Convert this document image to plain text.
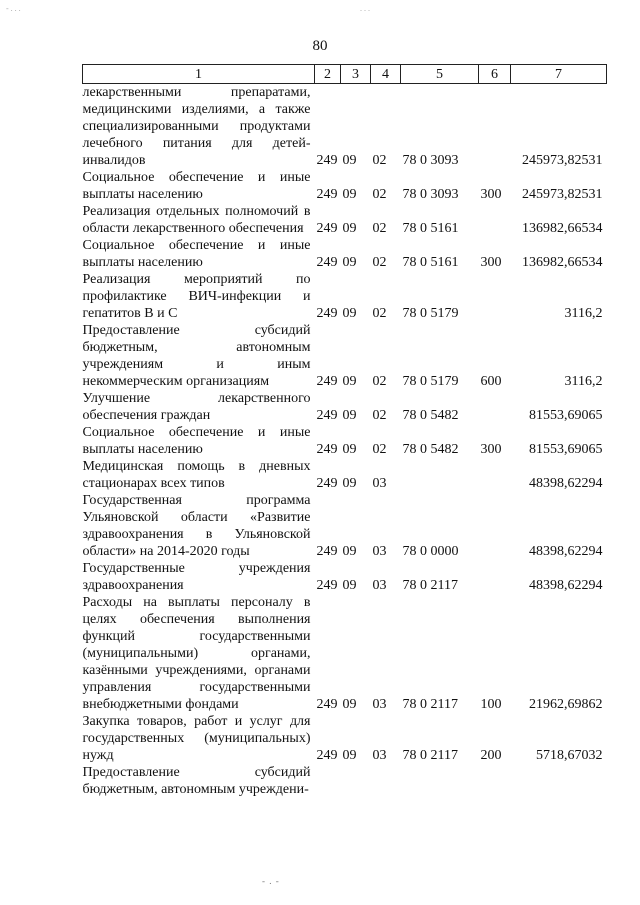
80
- . . .	. . .
1	2	3	4	5	6	7
лекарственными препаратами, медицинскими изделиями, а также специализированными продуктами лечебного питания для детей-инвалидов	249	09	02	78 0 3093		245973,82531
Социальное обеспечение и иные выплаты населению	249	09	02	78 0 3093	300	245973,82531
Реализация отдельных полномочий в области лекарственного обеспечения	249	09	02	78 0 5161		136982,66534
Социальное обеспечение и иные выплаты населению	249	09	02	78 0 5161	300	136982,66534
Реализация мероприятий по профилактике ВИЧ-инфекции и гепатитов В и С	249	09	02	78 0 5179		3116,2
Предоставление субсидий бюджетным, автономным учреждениям и иным некоммерческим организациям	249	09	02	78 0 5179	600	3116,2
Улучшение лекарственного обеспечения граждан	249	09	02	78 0 5482		81553,69065
Социальное обеспечение и иные выплаты населению	249	09	02	78 0 5482	300	81553,69065
Медицинская помощь в дневных стационарах всех типов	249	09	03			48398,62294
Государственная программа Ульяновской области «Развитие здравоохранения в Ульяновской области» на 2014-2020 годы	249	09	03	78 0 0000		48398,62294
Государственные учреждения здравоохранения	249	09	03	78 0 2117		48398,62294
Расходы на выплаты персоналу в целях обеспечения выполнения функций государственными (муниципальными) органами, казёнными учреждениями, органами управления государственными внебюджетными фондами	249	09	03	78 0 2117	100	21962,69862
Закупка товаров, работ и услуг для государственных (муниципальных) нужд	249	09	03	78 0 2117	200	5718,67032
Предоставление субсидий бюджетным, автономным учреждени-						
- . -
